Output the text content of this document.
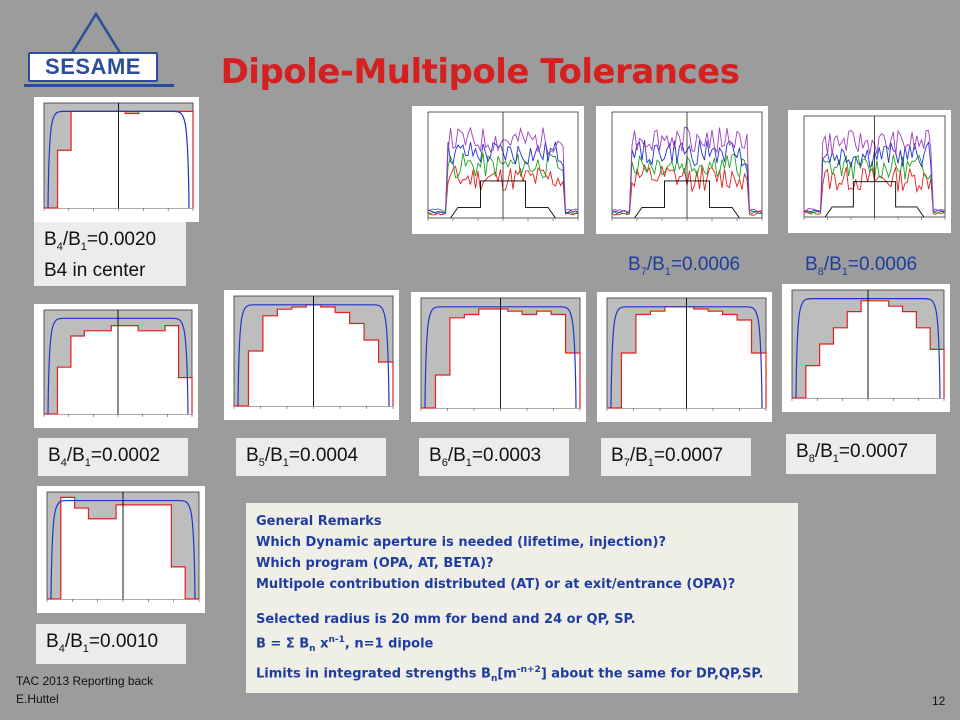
SESAME	Dipole-Multipole Tolerances
$B_4/B_1=0.0020$
B4 in center
$B_4/B_1=0.0002$	$B_5/B_1=0.0004$	$B_6/B_1=0.0003$	$B_7/B_1=0.0007$	$B_8/B_1=0.0007$
$B_4/B_1=0.0010$
$B_7/B_1=0.0006$	$B_8/B_1=0.0006$
General Remarks
Which Dynamic aperture is needed (lifetime, injection)?
Which program (OPA, AT, BETA)?
Multipole contribution distributed (AT) or at exit/entrance (OPA)?
Selected radius is 20 mm for bend and 24 or QP, SP.
B = Σ $B_n$ $x^{n-1}$, n=1 dipole
Limits in integrated strengths $B_n[m^{-n+2}]$ about the same for DP,QP,SP.
TAC 2013 Reporting back
E.Huttel	12
